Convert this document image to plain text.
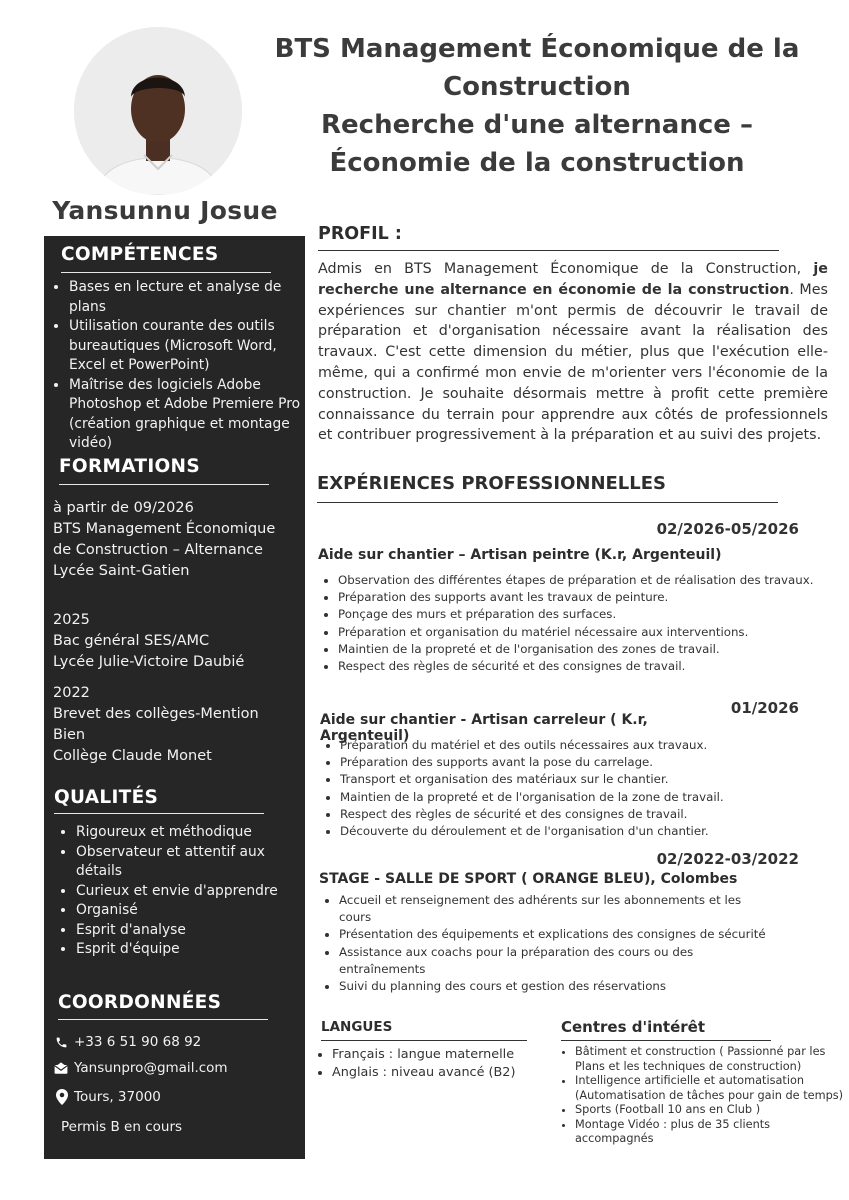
Yansunnu Josue
BTS Management Économique de la
Construction
Recherche d'une alternance –
Économie de la construction
COMPÉTENCES
• Bases en lecture et analyse de plans
• Utilisation courante des outils bureautiques (Microsoft Word, Excel et PowerPoint)
• Maîtrise des logiciels Adobe Photoshop et Adobe Premiere Pro (création graphique et montage vidéo)
FORMATIONS
à partir de 09/2026
BTS Management Économique
de Construction – Alternance
Lycée Saint-Gatien
2025
Bac général SES/AMC
Lycée Julie-Victoire Daubié
2022
Brevet des collèges-Mention
Bien
Collège Claude Monet
QUALITÉS
• Rigoureux et méthodique
• Observateur et attentif aux détails
• Curieux et envie d'apprendre
• Organisé
• Esprit d'analyse
• Esprit d'équipe
COORDONNÉES
+33 6 51 90 68 92
Yansunpro@gmail.com
Tours, 37000
Permis B en cours
PROFIL :
Admis en BTS Management Économique de la Construction, je recherche une alternance en économie de la construction. Mes expériences sur chantier m'ont permis de découvrir le travail de préparation et d'organisation nécessaire avant la réalisation des travaux. C'est cette dimension du métier, plus que l'exécution elle-même, qui a confirmé mon envie de m'orienter vers l'économie de la construction. Je souhaite désormais mettre à profit cette première connaissance du terrain pour apprendre aux côtés de professionnels et contribuer progressivement à la préparation et au suivi des projets.
EXPÉRIENCES PROFESSIONNELLES
02/2026-05/2026
Aide sur chantier – Artisan peintre (K.r, Argenteuil)
• Observation des différentes étapes de préparation et de réalisation des travaux.
• Préparation des supports avant les travaux de peinture.
• Ponçage des murs et préparation des surfaces.
• Préparation et organisation du matériel nécessaire aux interventions.
• Maintien de la propreté et de l'organisation des zones de travail.
• Respect des règles de sécurité et des consignes de travail.
01/2026
Aide sur chantier - Artisan carreleur ( K.r, Argenteuil)
• Préparation du matériel et des outils nécessaires aux travaux.
• Préparation des supports avant la pose du carrelage.
• Transport et organisation des matériaux sur le chantier.
• Maintien de la propreté et de l'organisation de la zone de travail.
• Respect des règles de sécurité et des consignes de travail.
• Découverte du déroulement et de l'organisation d'un chantier.
02/2022-03/2022
STAGE - SALLE DE SPORT ( ORANGE BLEU), Colombes
• Accueil et renseignement des adhérents sur les abonnements et les cours
• Présentation des équipements et explications des consignes de sécurité
• Assistance aux coachs pour la préparation des cours ou des entraînements
• Suivi du planning des cours et gestion des réservations
LANGUES
• Français : langue maternelle
• Anglais : niveau avancé (B2)
Centres d'intérêt
• Bâtiment et construction ( Passionné par les Plans et les techniques de construction)
• Intelligence artificielle et automatisation (Automatisation de tâches pour gain de temps)
• Sports (Football 10 ans en Club )
• Montage Vidéo : plus de 35 clients accompagnés
